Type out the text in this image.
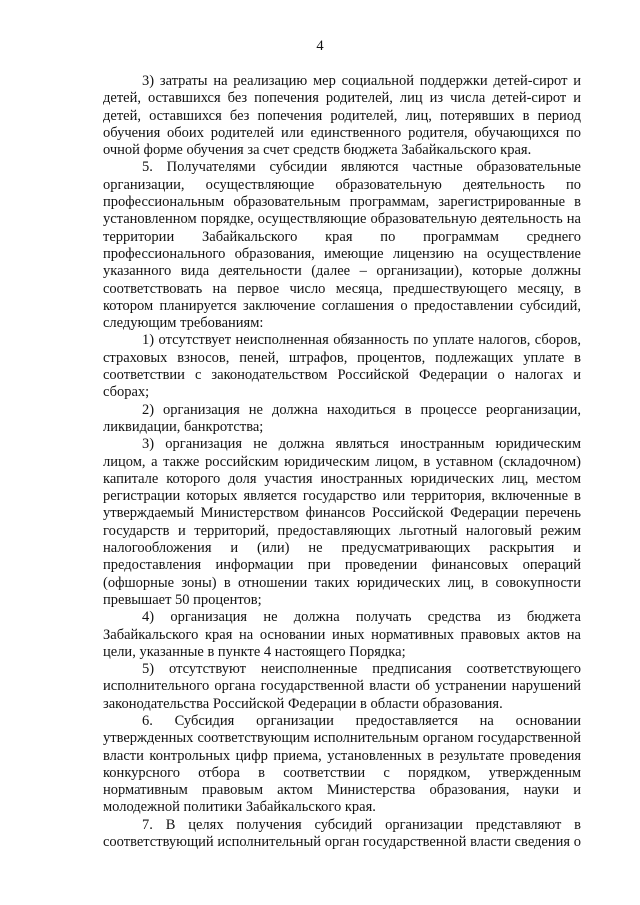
4

3) затраты на реализацию мер социальной поддержки детей-сирот и детей, оставшихся без попечения родителей, лиц из числа детей-сирот и детей, оставшихся без попечения родителей, лиц, потерявших в период обучения обоих родителей или единственного родителя, обучающихся по очной форме обучения за счет средств бюджета Забайкальского края.

5. Получателями субсидии являются частные образовательные организации, осуществляющие образовательную деятельность по профессиональным образовательным программам, зарегистрированные в установленном порядке, осуществляющие образовательную деятельность на территории Забайкальского края по программам среднего профессионального образования, имеющие лицензию на осуществление указанного вида деятельности (далее – организации), которые должны соответствовать на первое число месяца, предшествующего месяцу, в котором планируется заключение соглашения о предоставлении субсидий, следующим требованиям:

1) отсутствует неисполненная обязанность по уплате налогов, сборов, страховых взносов, пеней, штрафов, процентов, подлежащих уплате в соответствии с законодательством Российской Федерации о налогах и сборах;

2) организация не должна находиться в процессе реорганизации, ликвидации, банкротства;

3) организация не должна являться иностранным юридическим лицом, а также российским юридическим лицом, в уставном (складочном) капитале которого доля участия иностранных юридических лиц, местом регистрации которых является государство или территория, включенные в утверждаемый Министерством финансов Российской Федерации перечень государств и территорий, предоставляющих льготный налоговый режим налогообложения и (или) не предусматривающих раскрытия и предоставления информации при проведении финансовых операций (офшорные зоны) в отношении таких юридических лиц, в совокупности превышает 50 процентов;

4) организация не должна получать средства из бюджета Забайкальского края на основании иных нормативных правовых актов на цели, указанные в пункте 4 настоящего Порядка;

5) отсутствуют неисполненные предписания соответствующего исполнительного органа государственной власти об устранении нарушений законодательства Российской Федерации в области образования.

6. Субсидия организации предоставляется на основании утвержденных соответствующим исполнительным органом государственной власти контрольных цифр приема, установленных в результате проведения конкурсного отбора в соответствии с порядком, утвержденным нормативным правовым актом Министерства образования, науки и молодежной политики Забайкальского края.

7. В целях получения субсидий организации представляют в соответствующий исполнительный орган государственной власти сведения о
